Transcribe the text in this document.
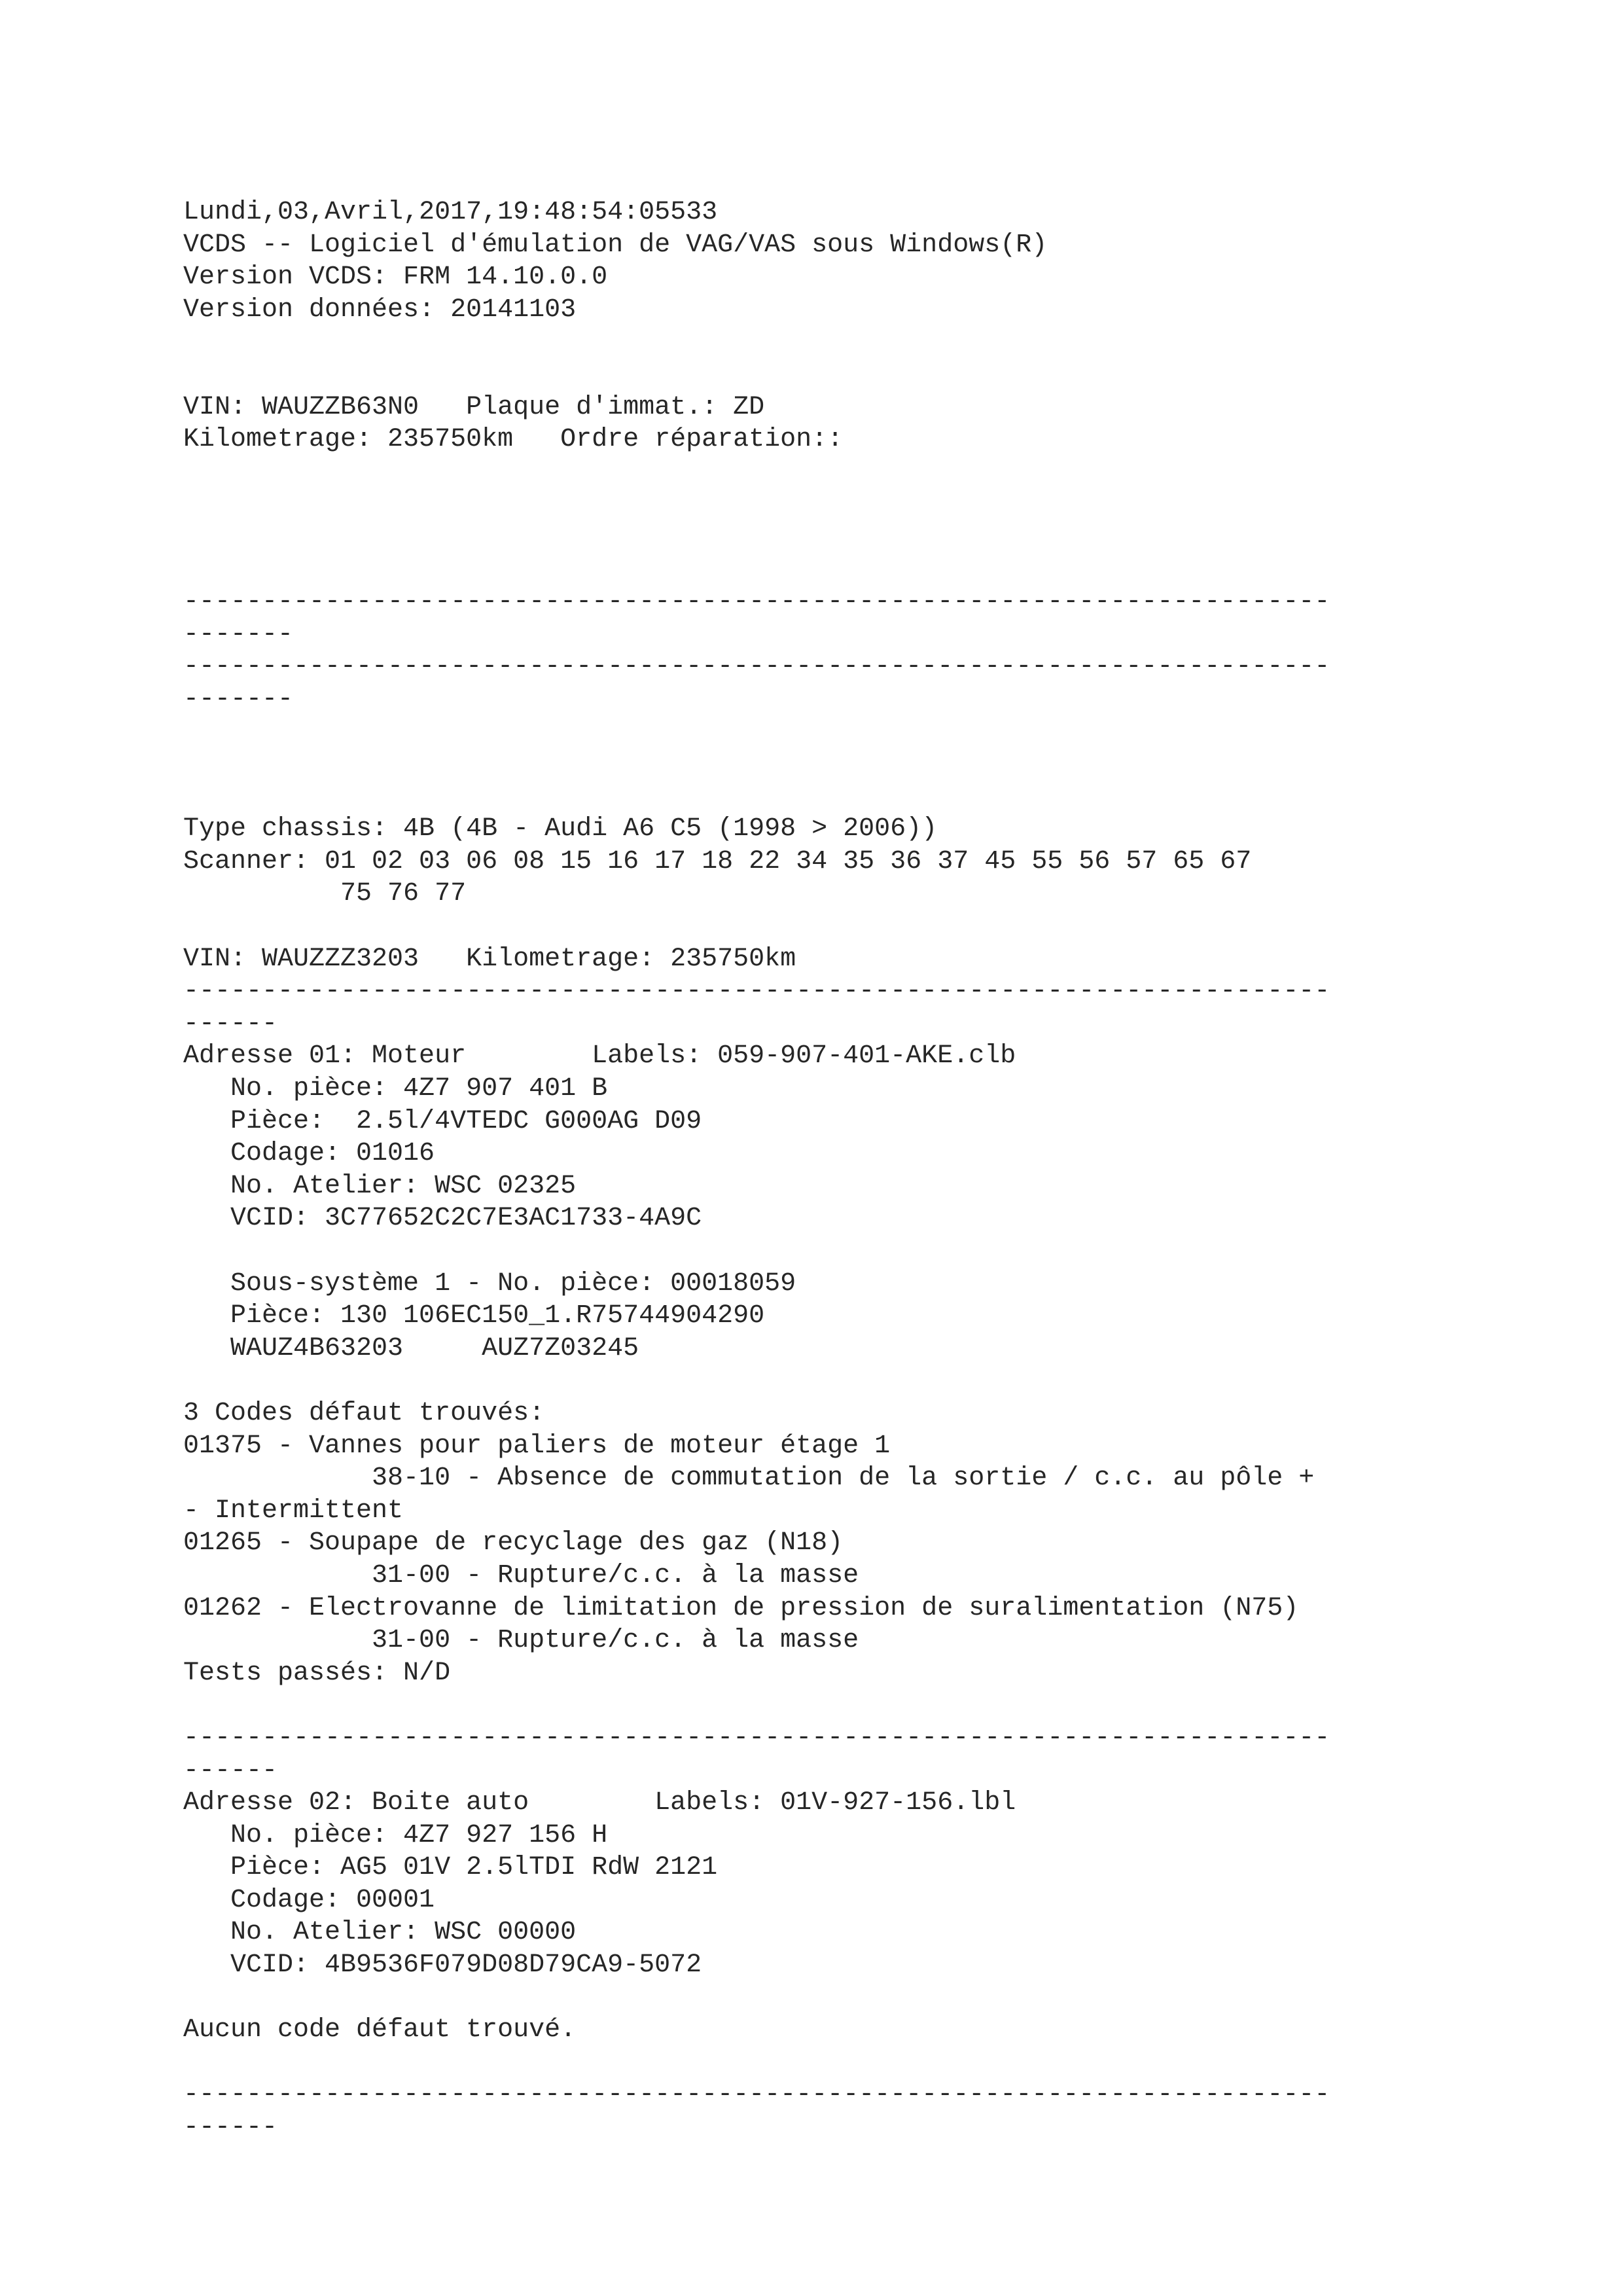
Lundi,03,Avril,2017,19:48:54:05533
VCDS -- Logiciel d'émulation de VAG/VAS sous Windows(R)
Version VCDS: FRM 14.10.0.0
Version données: 20141103
VIN: WAUZZB63N0   Plaque d'immat.: ZD
Kilometrage: 235750km   Ordre réparation::
-------------------------------------------------------------------------
-------
-------------------------------------------------------------------------
-------
Type chassis: 4B (4B - Audi A6 C5 (1998 > 2006))
Scanner: 01 02 03 06 08 15 16 17 18 22 34 35 36 37 45 55 56 57 65 67
75 76 77
VIN: WAUZZZ3203   Kilometrage: 235750km
-------------------------------------------------------------------------
------
Adresse 01: Moteur        Labels: 059-907-401-AKE.clb
No. pièce: 4Z7 907 401 B
Pièce:  2.5l/4VTEDC G000AG D09
Codage: 01016
No. Atelier: WSC 02325
VCID: 3C77652C2C7E3AC1733-4A9C
Sous-système 1 - No. pièce: 00018059
Pièce: 130 106EC150_1.R75744904290
WAUZ4B63203     AUZ7Z03245
3 Codes défaut trouvés:
01375 - Vannes pour paliers de moteur étage 1
38-10 - Absence de commutation de la sortie / c.c. au pôle +
- Intermittent
01265 - Soupape de recyclage des gaz (N18)
31-00 - Rupture/c.c. à la masse
01262 - Electrovanne de limitation de pression de suralimentation (N75)
31-00 - Rupture/c.c. à la masse
Tests passés: N/D
-------------------------------------------------------------------------
------
Adresse 02: Boite auto        Labels: 01V-927-156.lbl
No. pièce: 4Z7 927 156 H
Pièce: AG5 01V 2.5lTDI RdW 2121
Codage: 00001
No. Atelier: WSC 00000
VCID: 4B9536F079D08D79CA9-5072
Aucun code défaut trouvé.
-------------------------------------------------------------------------
------
